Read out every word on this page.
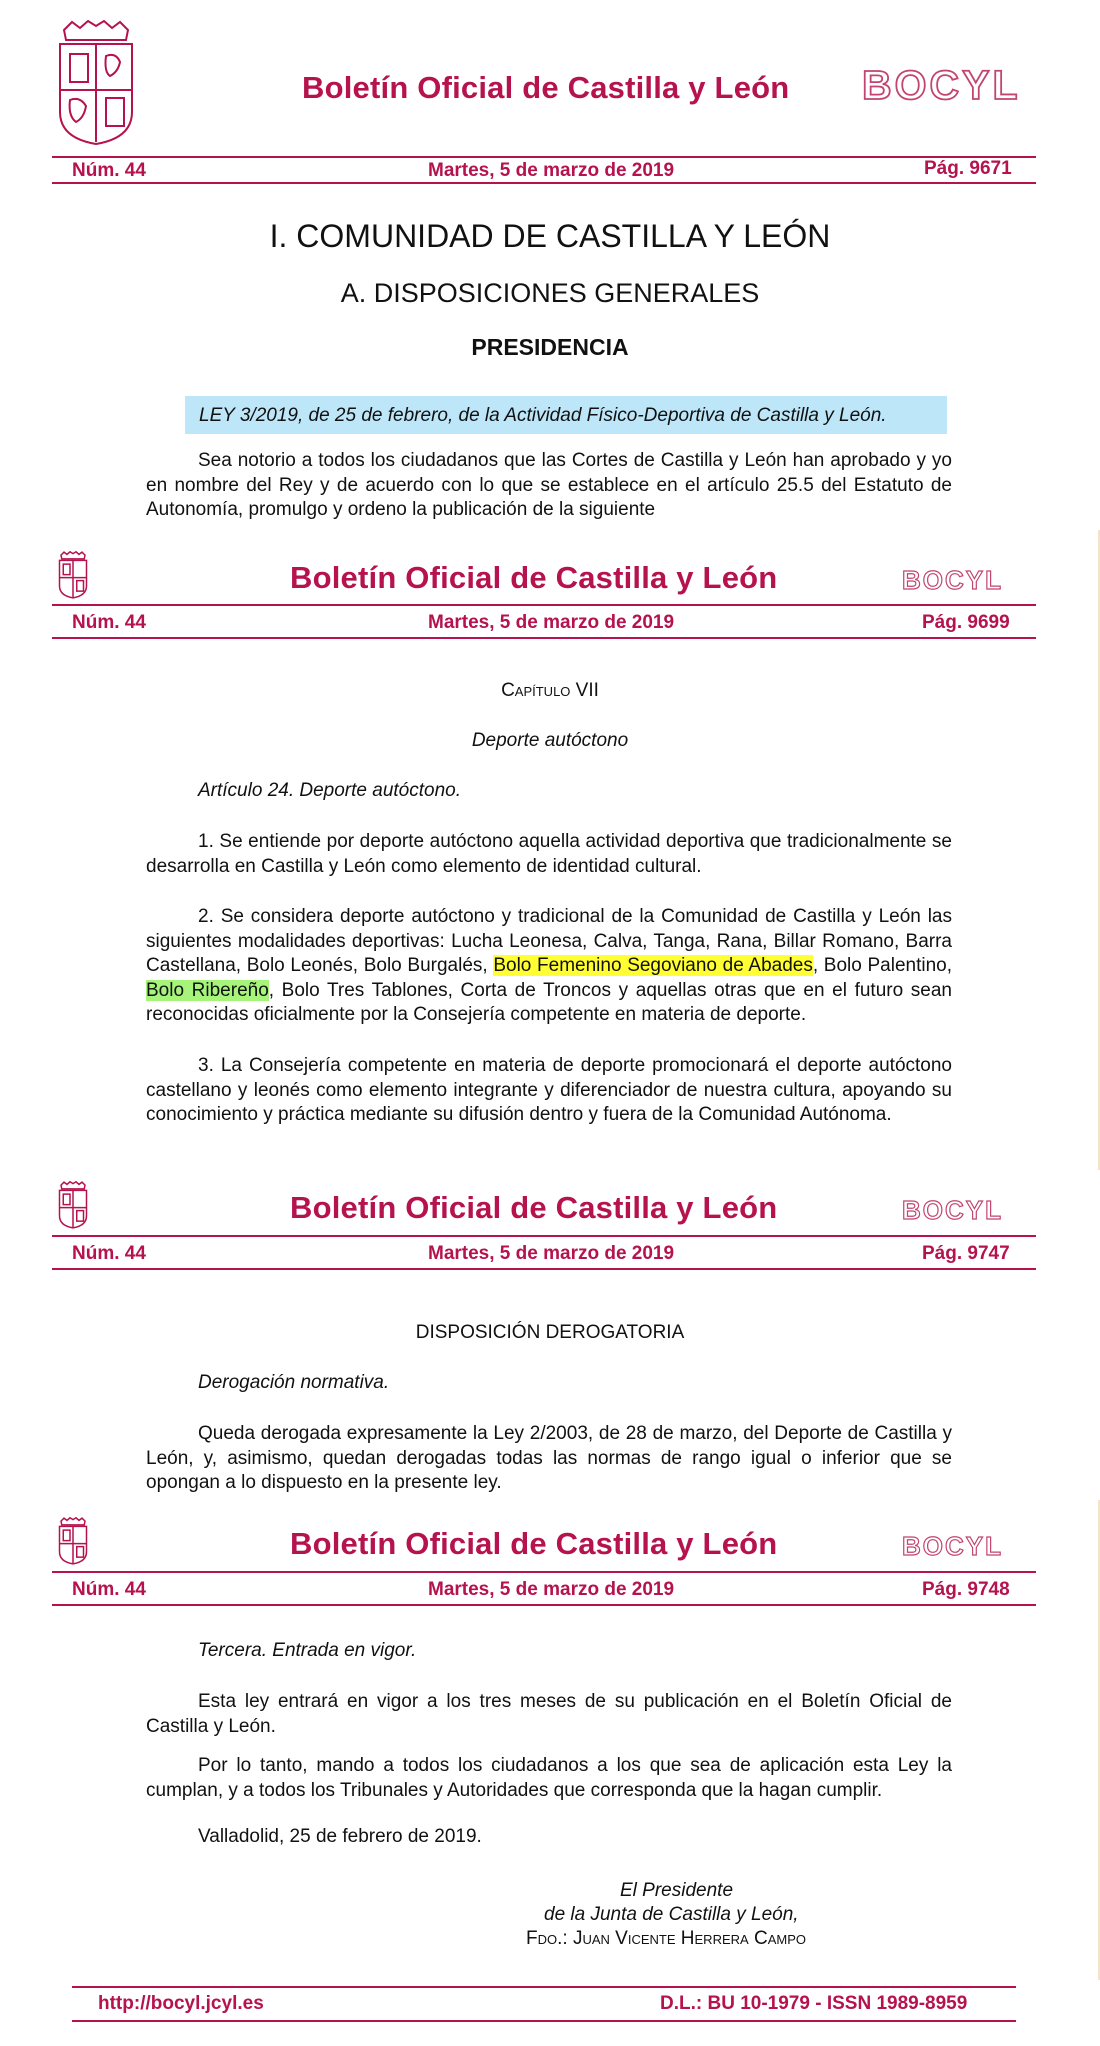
Boletín Oficial de Castilla y León BOCYL
Núm. 44	Martes, 5 de marzo de 2019	Pág. 9671
I. COMUNIDAD DE CASTILLA Y LEÓN
A. DISPOSICIONES GENERALES
PRESIDENCIA
LEY 3/2019, de 25 de febrero, de la Actividad Físico-Deportiva de Castilla y León.
Sea notorio a todos los ciudadanos que las Cortes de Castilla y León han aprobado y yo en nombre del Rey y de acuerdo con lo que se establece en el artículo 25.5 del Estatuto de Autonomía, promulgo y ordeno la publicación de la siguiente
Boletín Oficial de Castilla y León	BOCYL
Núm. 44	Martes, 5 de marzo de 2019	Pág. 9699
Capítulo VII
Deporte autóctono
Artículo 24. Deporte autóctono.
1. Se entiende por deporte autóctono aquella actividad deportiva que tradicionalmente se desarrolla en Castilla y León como elemento de identidad cultural.
2. Se considera deporte autóctono y tradicional de la Comunidad de Castilla y León las siguientes modalidades deportivas: Lucha Leonesa, Calva, Tanga, Rana, Billar Romano, Barra Castellana, Bolo Leonés, Bolo Burgalés, Bolo Femenino Segoviano de Abades, Bolo Palentino, Bolo Ribereño, Bolo Tres Tablones, Corta de Troncos y aquellas otras que en el futuro sean reconocidas oficialmente por la Consejería competente en materia de deporte.
3. La Consejería competente en materia de deporte promocionará el deporte autóctono castellano y leonés como elemento integrante y diferenciador de nuestra cultura, apoyando su conocimiento y práctica mediante su difusión dentro y fuera de la Comunidad Autónoma.
Boletín Oficial de Castilla y León	BOCYL
Núm. 44	Martes, 5 de marzo de 2019	Pág. 9747
DISPOSICIÓN DEROGATORIA
Derogación normativa.
Queda derogada expresamente la Ley 2/2003, de 28 de marzo, del Deporte de Castilla y León, y, asimismo, quedan derogadas todas las normas de rango igual o inferior que se opongan a lo dispuesto en la presente ley.
Boletín Oficial de Castilla y León	BOCYL
Núm. 44	Martes, 5 de marzo de 2019	Pág. 9748
Tercera. Entrada en vigor.
Esta ley entrará en vigor a los tres meses de su publicación en el Boletín Oficial de Castilla y León.
Por lo tanto, mando a todos los ciudadanos a los que sea de aplicación esta Ley la cumplan, y a todos los Tribunales y Autoridades que corresponda que la hagan cumplir.
Valladolid, 25 de febrero de 2019.
El Presidente
de la Junta de Castilla y León,
Fdo.: Juan Vicente Herrera Campo
http://bocyl.jcyl.es	D.L.: BU 10-1979 - ISSN 1989-8959
